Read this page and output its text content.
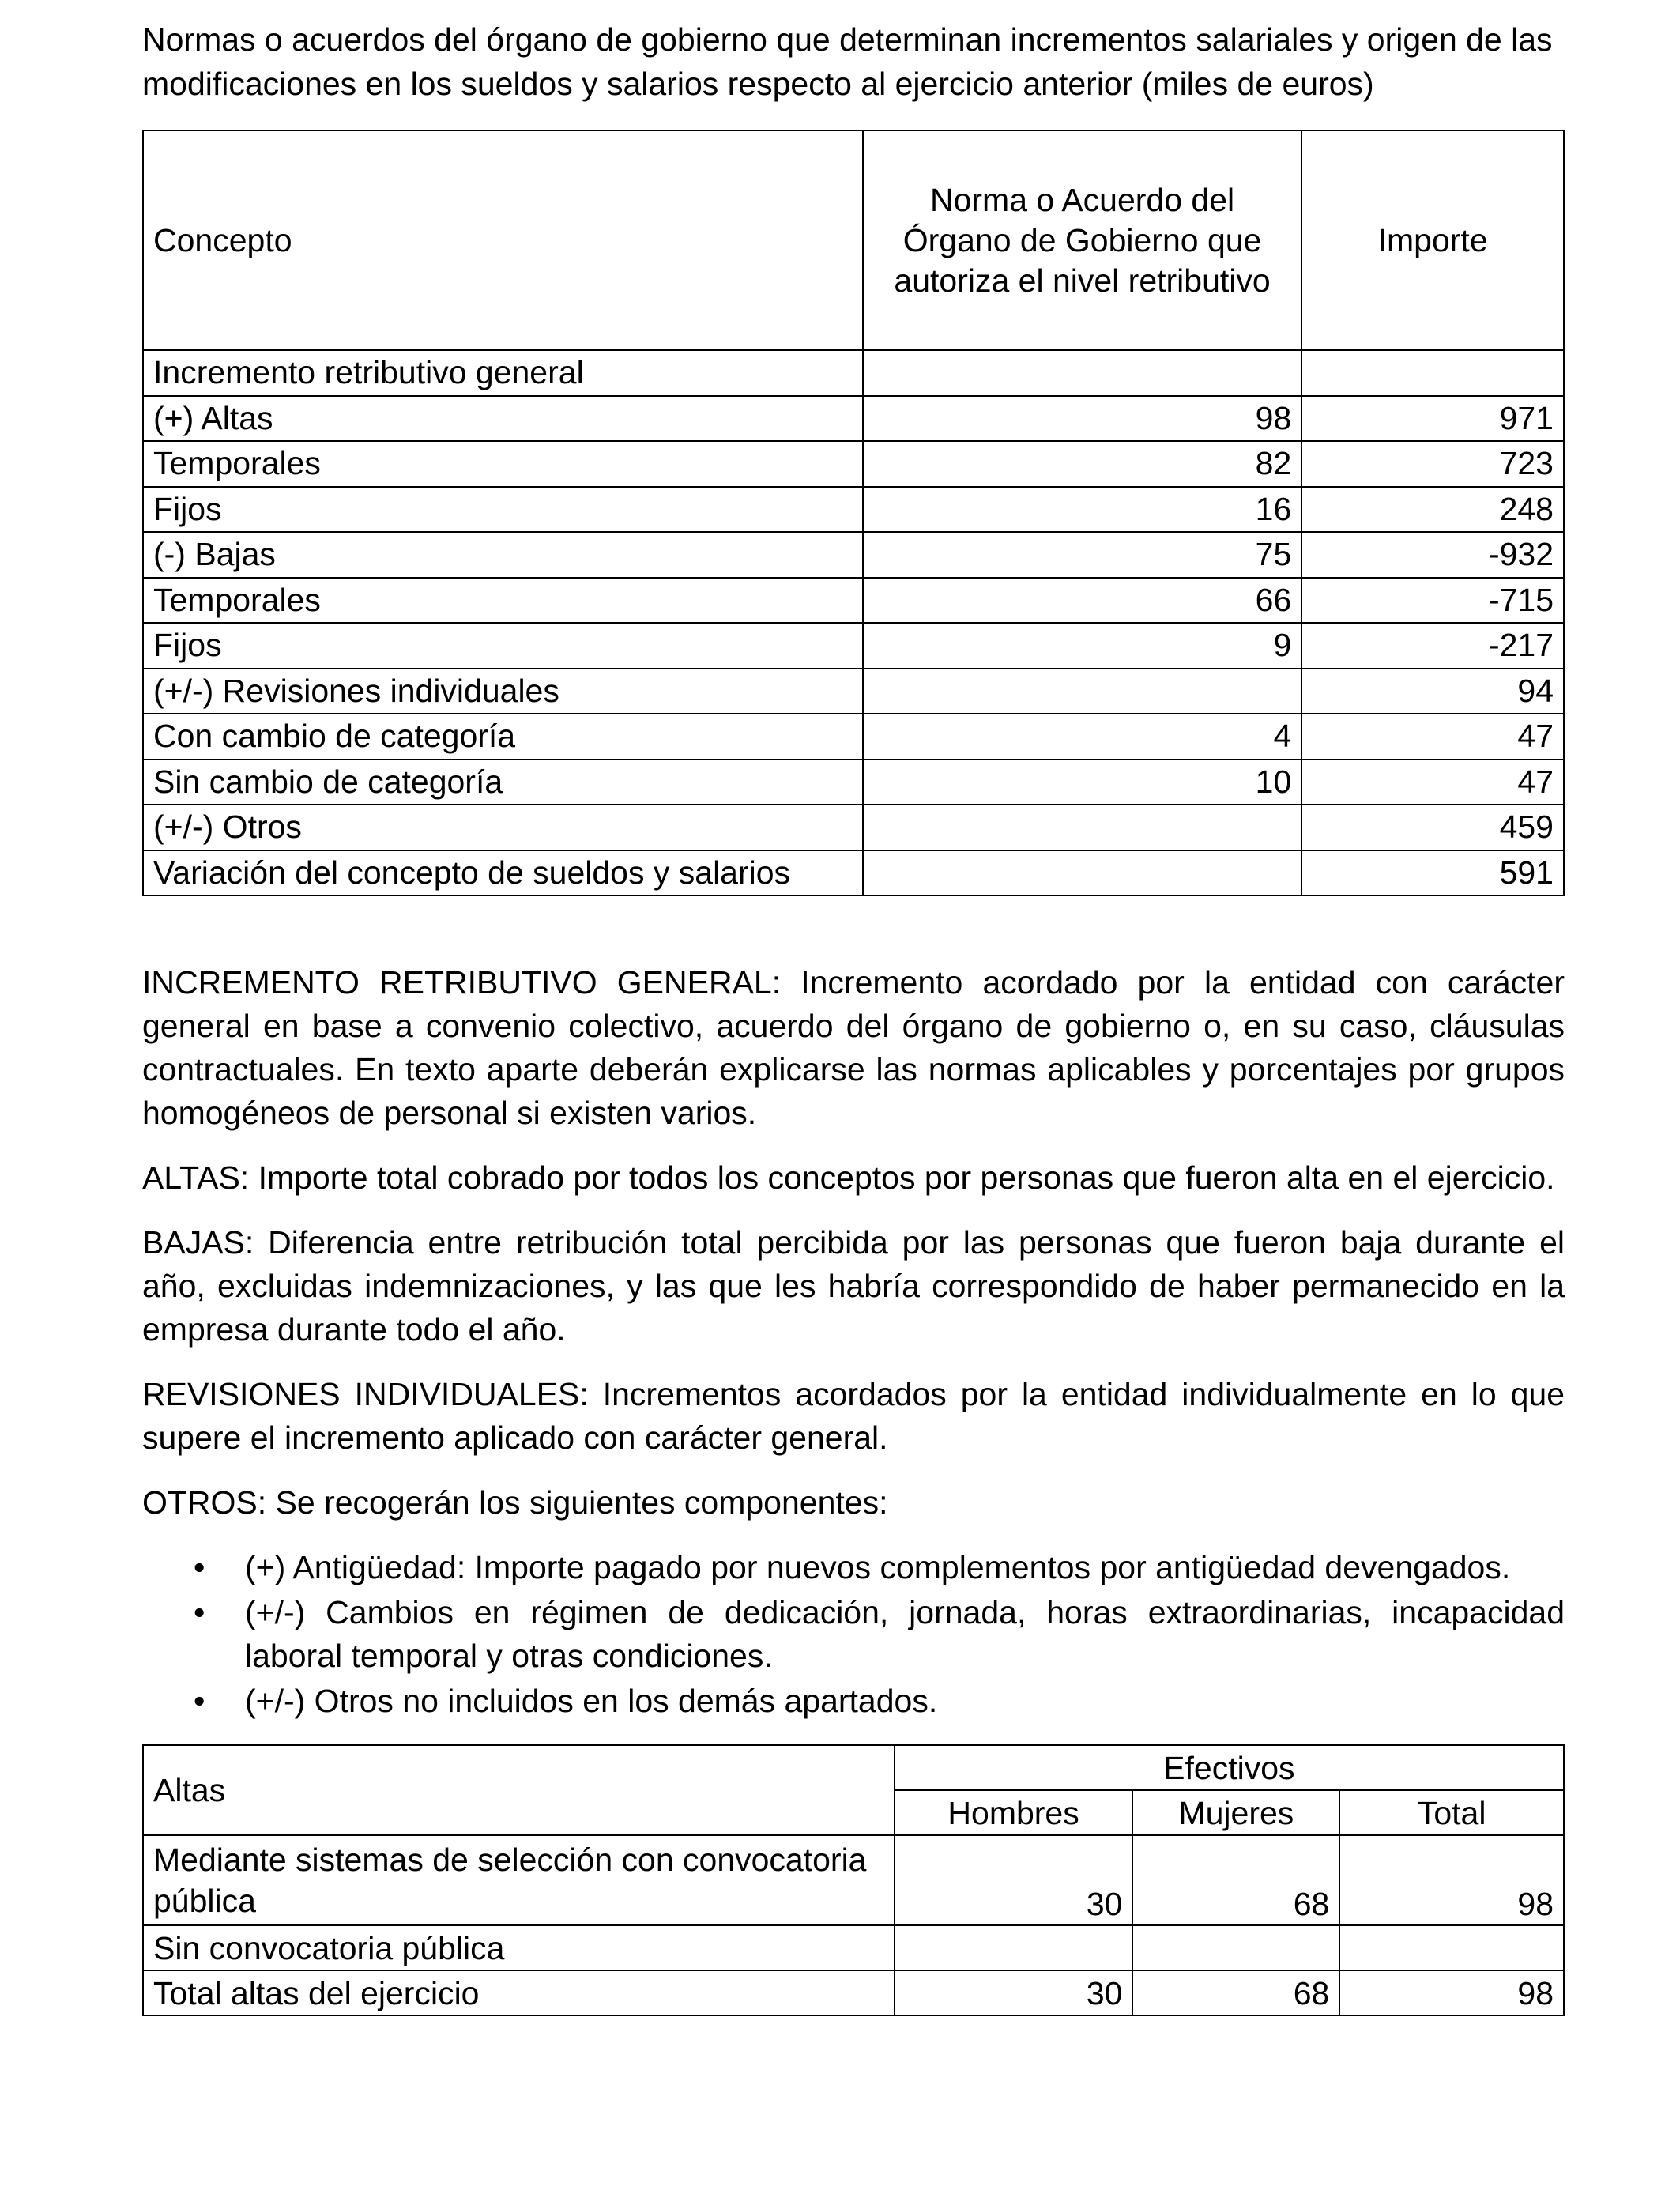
Normas o acuerdos del órgano de gobierno que determinan incrementos salariales y origen de las modificaciones en los sueldos y salarios respecto al ejercicio anterior (miles de euros)

Concepto	Norma o Acuerdo del Órgano de Gobierno que autoriza el nivel retributivo	Importe
Incremento retributivo general		
(+) Altas	98	971
Temporales	82	723
Fijos	16	248
(-) Bajas	75	-932
Temporales	66	-715
Fijos	9	-217
(+/-) Revisiones individuales		94
Con cambio de categoría	4	47
Sin cambio de categoría	10	47
(+/-) Otros		459
Variación del concepto de sueldos y salarios		591

INCREMENTO RETRIBUTIVO GENERAL: Incremento acordado por la entidad con carácter general en base a convenio colectivo, acuerdo del órgano de gobierno o, en su caso, cláusulas contractuales. En texto aparte deberán explicarse las normas aplicables y porcentajes por grupos homogéneos de personal si existen varios.

ALTAS: Importe total cobrado por todos los conceptos por personas que fueron alta en el ejercicio.

BAJAS: Diferencia entre retribución total percibida por las personas que fueron baja durante el año, excluidas indemnizaciones, y las que les habría correspondido de haber permanecido en la empresa durante todo el año.

REVISIONES INDIVIDUALES: Incrementos acordados por la entidad individualmente en lo que supere el incremento aplicado con carácter general.

OTROS: Se recogerán los siguientes componentes:

• (+) Antigüedad: Importe pagado por nuevos complementos por antigüedad devengados.
• (+/-) Cambios en régimen de dedicación, jornada, horas extraordinarias, incapacidad laboral temporal y otras condiciones.
• (+/-) Otros no incluidos en los demás apartados.
Altas	Efectivos		
	Hombres	Mujeres	Total
Mediante sistemas de selección con convocatoria pública	30	68	98
Sin convocatoria pública			
Total altas del ejercicio	30	68	98
